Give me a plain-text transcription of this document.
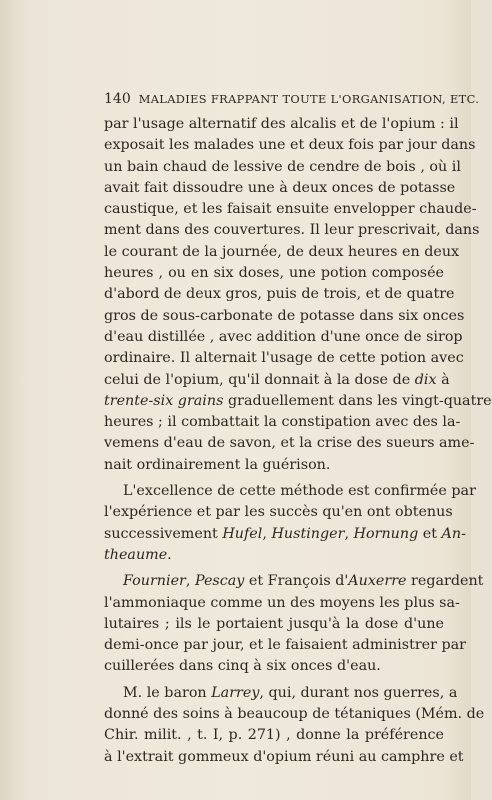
140 MALADIES FRAPPANT TOUTE L'ORGANISATION, ETC.

par l'usage alternatif des alcalis et de l'opium : il
exposait les malades une et deux fois par jour dans
un bain chaud de lessive de cendre de bois , où il
avait fait dissoudre une à deux onces de potasse
caustique, et les faisait ensuite envelopper chaude-
ment dans des couvertures. Il leur prescrivait, dans
le courant de la journée, de deux heures en deux
heures , ou en six doses, une potion composée
d'abord de deux gros, puis de trois, et de quatre
gros de sous-carbonate de potasse dans six onces
d'eau distillée , avec addition d'une once de sirop
ordinaire. Il alternait l'usage de cette potion avec
celui de l'opium, qu'il donnait à la dose de dix à
trente-six grains graduellement dans les vingt-quatre
heures ; il combattait la constipation avec des la-
vemens d'eau de savon, et la crise des sueurs ame-
nait ordinairement la guérison.

L'excellence de cette méthode est confirmée par
l'expérience et par les succès qu'en ont obtenus
successivement Hufel, Hustinger, Hornung et An-
theaume.

Fournier, Pescay et François d'Auxerre regardent
l'ammoniaque comme un des moyens les plus sa-
lutaires ; ils le portaient jusqu'à la dose d'une
demi-once par jour, et le faisaient administrer par
cuillerées dans cinq à six onces d'eau.

M. le baron Larrey, qui, durant nos guerres, a
donné des soins à beaucoup de tétaniques (Mém. de
Chir. milit. , t. I, p. 271) , donne la préférence
à l'extrait gommeux d'opium réuni au camphre et
